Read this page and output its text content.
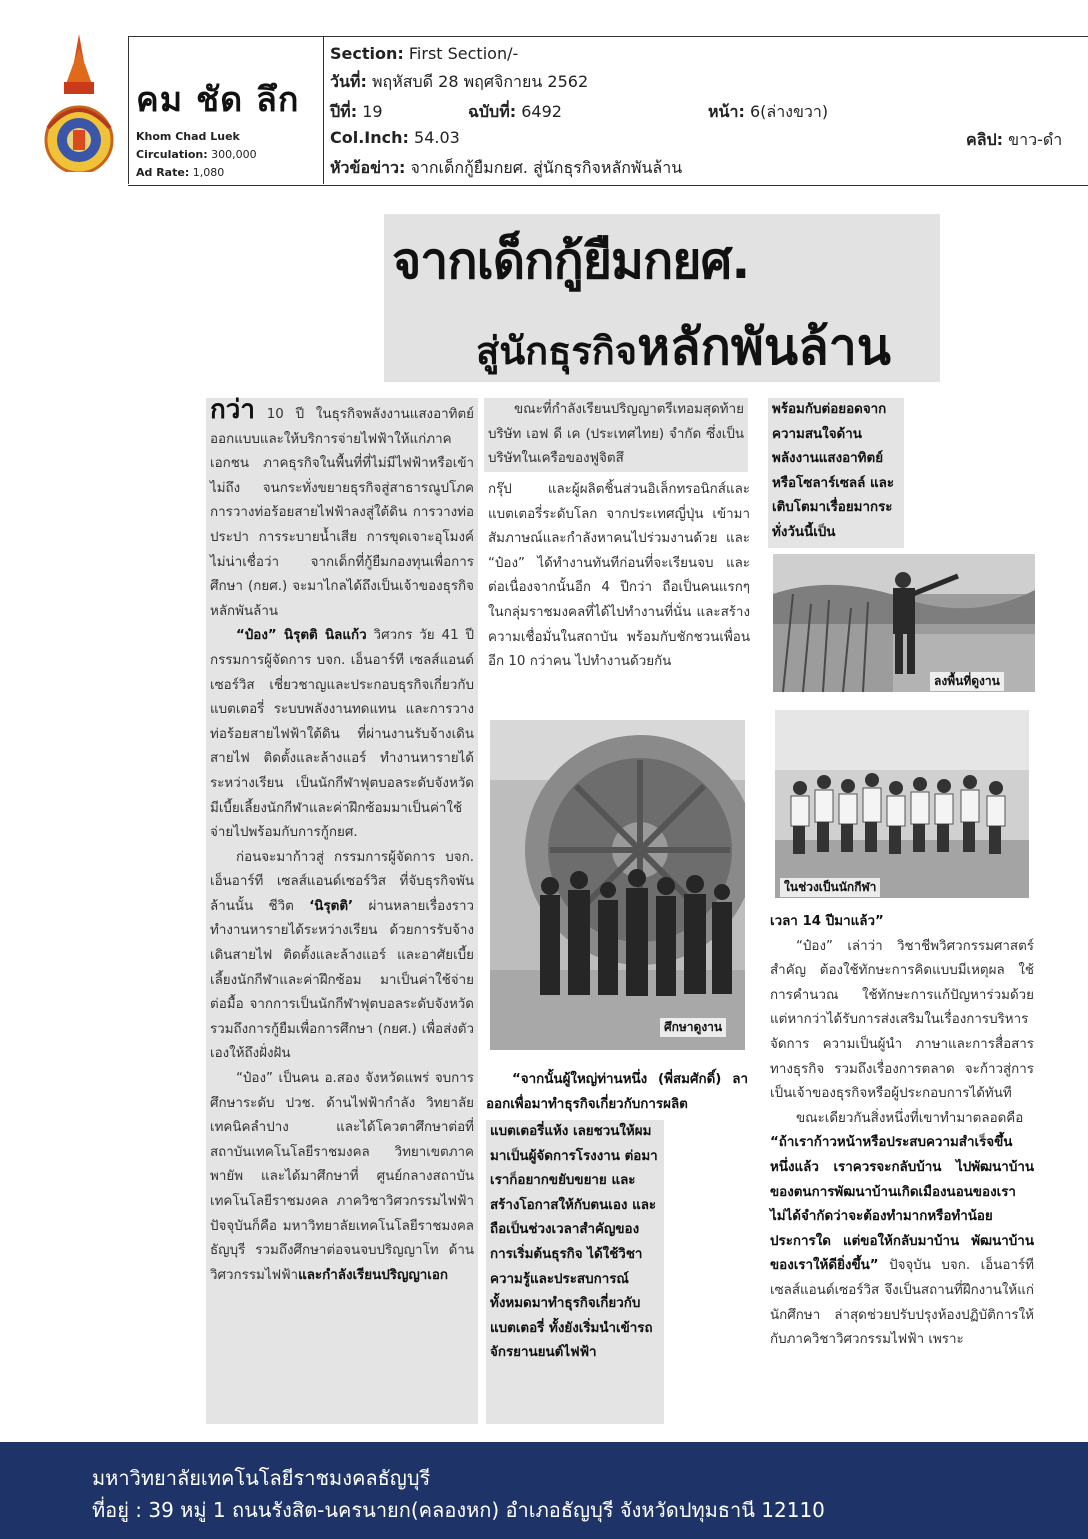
คม ชัด ลึก
Khom Chad Luek
Circulation: 300,000
Ad Rate: 1,080
Section: First Section/-
วันที่: พฤหัสบดี 28 พฤศจิกายน 2562
ปีที่: 19	ฉบับที่: 6492	หน้า: 6(ล่างขวา)
Col.Inch: 54.03	คลิป: ขาว-ดำ
หัวข้อข่าว: จากเด็กกู้ยืมกยศ. สู่นักธุรกิจหลักพันล้าน
จากเด็กกู้ยืมกยศ.
สู่นักธุรกิจหลักพันล้าน

กว่า 10 ปี ในธุรกิจพลังงานแสงอาทิตย์ ออกแบบและให้บริการจ่ายไฟฟ้าให้แก่ภาคเอกชน ภาคธุรกิจในพื้นที่ที่ไม่มีไฟฟ้าหรือเข้าไม่ถึง จนกระทั่งขยายธุรกิจสู่สาธารณูปโภค การวางท่อร้อยสายไฟฟ้าลงสู่ใต้ดิน การวางท่อประปา การระบายน้ำเสีย การขุดเจาะอุโมงค์ ไม่น่าเชื่อว่า จากเด็กที่กู้ยืมกองทุนเพื่อการศึกษา (กยศ.) จะมาไกลได้ถึงเป็นเจ้าของธุรกิจหลักพันล้าน

“ป๋อง” นิรุตติ นิลแก้ว วิศวกร วัย 41 ปี กรรมการผู้จัดการ บจก. เอ็นอาร์ที เซลส์แอนด์เซอร์วิส เชี่ยวชาญและประกอบธุรกิจเกี่ยวกับแบตเตอรี่ ระบบพลังงานทดแทน และการวางท่อร้อยสายไฟฟ้าใต้ดิน ที่ผ่านงานรับจ้างเดินสายไฟ ติดตั้งและล้างแอร์ ทำงานหารายได้ระหว่างเรียน เป็นนักกีฬาฟุตบอลระดับจังหวัด มีเบี้ยเลี้ยงนักกีฬาและค่าฝึกซ้อมมาเป็นค่าใช้จ่ายไปพร้อมกับการกู้กยศ.

ก่อนจะมาก้าวสู่ กรรมการผู้จัดการ บจก. เอ็นอาร์ที เซลส์แอนด์เซอร์วิส ที่จับธุรกิจพันล้านนั้น ชีวิต ‘นิรุตติ’ ผ่านหลายเรื่องราว ทำงานหารายได้ระหว่างเรียน ด้วยการรับจ้างเดินสายไฟ ติดตั้งและล้างแอร์ และอาศัยเบี้ยเลี้ยงนักกีฬาและค่าฝึกซ้อม มาเป็นค่าใช้จ่ายต่อมื้อ จากการเป็นนักกีฬาฟุตบอลระดับจังหวัด รวมถึงการกู้ยืมเพื่อการศึกษา (กยศ.) เพื่อส่งตัวเองให้ถึงฝั่งฝัน

“ป๋อง” เป็นคน อ.สอง จังหวัดแพร่ จบการศึกษาระดับ ปวช. ด้านไฟฟ้ากำลัง วิทยาลัยเทคนิคลำปาง และได้โควตาศึกษาต่อที่ สถาบันเทคโนโลยีราชมงคล วิทยาเขตภาคพายัพ และได้มาศึกษาที่ ศูนย์กลางสถาบันเทคโนโลยีราชมงคล ภาควิชาวิศวกรรมไฟฟ้า ปัจจุบันก็คือ มหาวิทยาลัยเทคโนโลยีราชมงคลธัญบุรี รวมถึงศึกษาต่อจนจบปริญญาโท ด้านวิศวกรรมไฟฟ้าและกำลังเรียนปริญญาเอก

ขณะที่กำลังเรียนปริญญาตรีเทอมสุดท้าย บริษัท เอฟ ดี เค (ประเทศไทย) จำกัด ซึ่งเป็นบริษัทในเครือของฟูจิตสึ

กรุ๊ป และผู้ผลิตชิ้นส่วนอิเล็กทรอนิกส์และแบตเตอรี่ระดับโลก จากประเทศญี่ปุ่น เข้ามาสัมภาษณ์และกำลังหาคนไปร่วมงานด้วย และ “ป๋อง” ได้ทำงานทันทีก่อนที่จะเรียนจบ และต่อเนื่องจากนั้นอีก 4 ปีกว่า ถือเป็นคนแรกๆ ในกลุ่มราชมงคลที่ได้ไปทำงานที่นั่น และสร้างความเชื่อมั่นในสถาบัน พร้อมกับชักชวนเพื่อนอีก 10 กว่าคน ไปทำงานด้วยกัน

ศึกษาดูงาน

“จากนั้นผู้ใหญ่ท่านหนึ่ง (พี่สมศักดิ์) ลาออกเพื่อมาทำธุรกิจเกี่ยวกับการผลิต

แบตเตอรี่แห้ง เลยชวนให้ผมมาเป็นผู้จัดการโรงงาน ต่อมาเราก็อยากขยับขยาย และสร้างโอกาสให้กับตนเอง และถือเป็นช่วงเวลาสำคัญของการเริ่มต้นธุรกิจ ได้ใช้วิชาความรู้และประสบการณ์ทั้งหมดมาทำธุรกิจเกี่ยวกับแบตเตอรี่ ทั้งยังเริ่มนำเข้ารถจักรยานยนต์ไฟฟ้า

พร้อมกับต่อยอดจากความสนใจด้านพลังงานแสงอาทิตย์หรือโซลาร์เซลล์ และเติบโตมาเรื่อยมากระทั่งวันนี้เป็น

ลงพื้นที่ดูงาน
ในช่วงเป็นนักกีฬา

เวลา 14 ปีมาแล้ว”

“ป๋อง” เล่าว่า วิชาชีพวิศวกรรมศาสตร์สำคัญ ต้องใช้ทักษะการคิดแบบมีเหตุผล ใช้การคำนวณ ใช้ทักษะการแก้ปัญหาร่วมด้วย แต่หากว่าได้รับการส่งเสริมในเรื่องการบริหารจัดการ ความเป็นผู้นำ ภาษาและการสื่อสารทางธุรกิจ รวมถึงเรื่องการตลาด จะก้าวสู่การเป็นเจ้าของธุรกิจหรือผู้ประกอบการได้ทันที

ขณะเดียวกันสิ่งหนึ่งที่เขาทำมาตลอดคือ “ถ้าเราก้าวหน้าหรือประสบความสำเร็จขึ้นหนึ่งแล้ว เราควรจะกลับบ้าน ไปพัฒนาบ้านของตนการพัฒนาบ้านเกิดเมืองนอนของเรา ไม่ได้จำกัดว่าจะต้องทำมากหรือทำน้อยประการใด แต่ขอให้กลับมาบ้าน พัฒนาบ้านของเราให้ดียิ่งขึ้น” ปัจจุบัน บจก. เอ็นอาร์ที เซลส์แอนด์เซอร์วิส จึงเป็นสถานที่ฝึกงานให้แก่นักศึกษา ล่าสุดช่วยปรับปรุงห้องปฏิบัติการให้กับภาควิชาวิศวกรรมไฟฟ้า เพราะ

มหาวิทยาลัยเทคโนโลยีราชมงคลธัญบุรี
ที่อยู่ : 39 หมู่ 1 ถนนรังสิต-นครนายก(คลองหก) อำเภอธัญบุรี จังหวัดปทุมธานี 12110
